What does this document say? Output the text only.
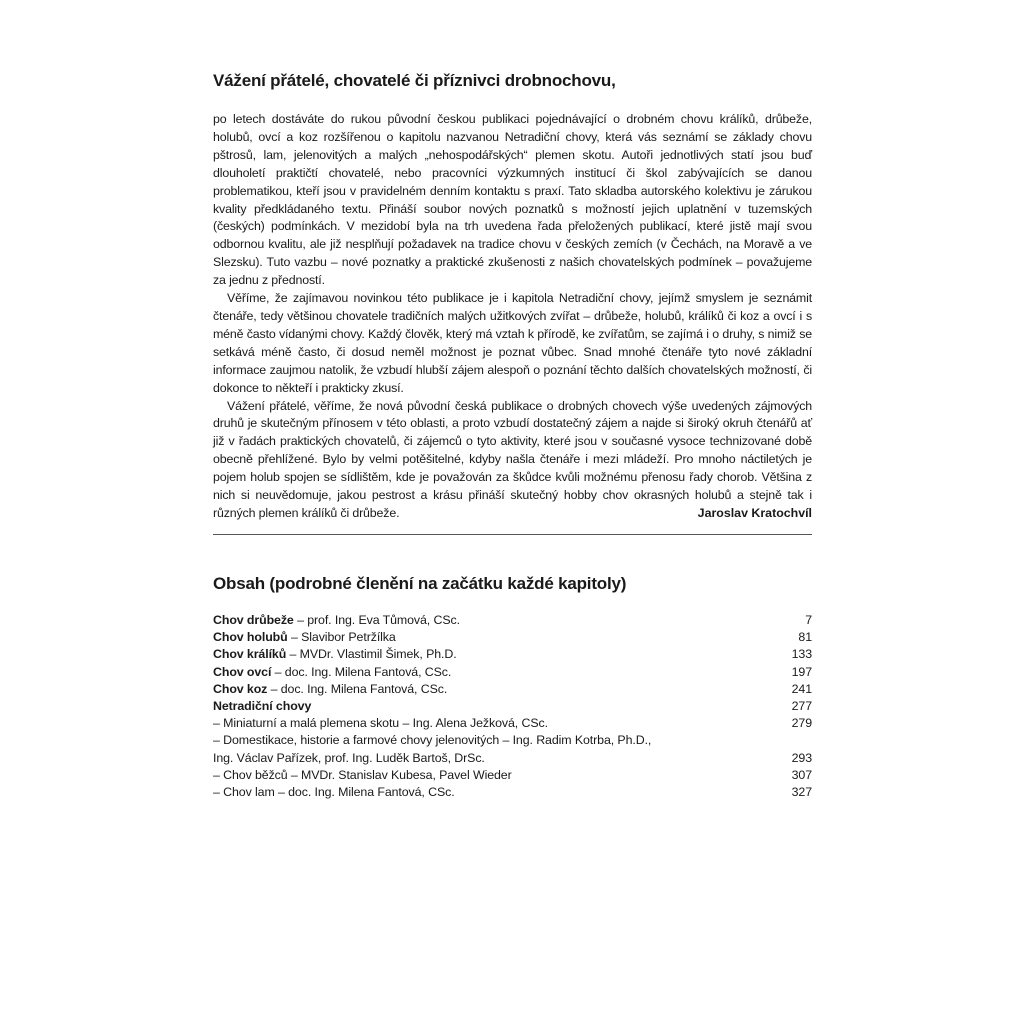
Vážení přátelé, chovatelé či příznivci drobnochovu,

po letech dostáváte do rukou původní českou publikaci pojednávající o drobném chovu králíků, drůbeže, holubů, ovcí a koz rozšířenou o kapitolu nazvanou Netradiční chovy, která vás seznámí se základy chovu pštrosů, lam, jelenovitých a malých „nehospodářských“ plemen skotu. Autoři jednotlivých statí jsou buď dlouholetí praktičtí chovatelé, nebo pracovníci výzkumných institucí či škol zabývajících se danou problematikou, kteří jsou v pravidelném denním kontaktu s praxí. Tato skladba autorského kolektivu je zárukou kvality předkládaného textu. Přináší soubor nových poznatků s možností jejich uplatnění v tuzemských (českých) podmínkách. V mezidobí byla na trh uvedena řada přeložených publikací, které jistě mají svou odbornou kvalitu, ale již nesplňují požadavek na tradice chovu v českých zemích (v Čechách, na Moravě a ve Slezsku). Tuto vazbu – nové poznatky a praktické zkušenosti z našich chovatelských podmínek – považujeme za jednu z předností.

Věříme, že zajímavou novinkou této publikace je i kapitola Netradiční chovy, jejímž smyslem je seznámit čtenáře, tedy většinou chovatele tradičních malých užitkových zvířat – drůbeže, holubů, králíků či koz a ovcí i s méně často vídanými chovy. Každý člověk, který má vztah k přírodě, ke zvířatům, se zajímá i o druhy, s nimiž se setkává méně často, či dosud neměl možnost je poznat vůbec. Snad mnohé čtenáře tyto nové základní informace zaujmou natolik, že vzbudí hlubší zájem alespoň o poznání těchto dalších chovatelských možností, či dokonce to někteří i prakticky zkusí.

Vážení přátelé, věříme, že nová původní česká publikace o drobných chovech výše uvedených zájmových druhů je skutečným přínosem v této oblasti, a proto vzbudí dostatečný zájem a najde si široký okruh čtenářů ať již v řadách praktických chovatelů, či zájemců o tyto aktivity, které jsou v současné vysoce technizované době obecně přehlížené. Bylo by velmi potěšitelné, kdyby našla čtenáře i mezi mládeží. Pro mnoho náctiletých je pojem holub spojen se sídlištěm, kde je považován za škůdce kvůli možnému přenosu řady chorob. Většina z nich si neuvědomuje, jakou pestrost a krásu přináší skutečný hobby chov okrasných holubů a stejně tak i různých plemen králíků či drůbeže.	Jaroslav Kratochvíl

Obsah (podrobné členění na začátku každé kapitoly)
Chov drůbeže – prof. Ing. Eva Tůmová, CSc.	7
Chov holubů – Slavibor Petržílka	81
Chov králíků – MVDr. Vlastimil Šimek, Ph.D.	133
Chov ovcí – doc. Ing. Milena Fantová, CSc.	197
Chov koz – doc. Ing. Milena Fantová, CSc.	241
Netradiční chovy	277
– Miniaturní a malá plemena skotu – Ing. Alena Ježková, CSc.	279
– Domestikace, historie a farmové chovy jelenovitých – Ing. Radim Kotrba, Ph.D.,
Ing. Václav Pařízek, prof. Ing. Luděk Bartoš, DrSc.	293
– Chov běžců – MVDr. Stanislav Kubesa, Pavel Wieder	307
– Chov lam – doc. Ing. Milena Fantová, CSc.	327
